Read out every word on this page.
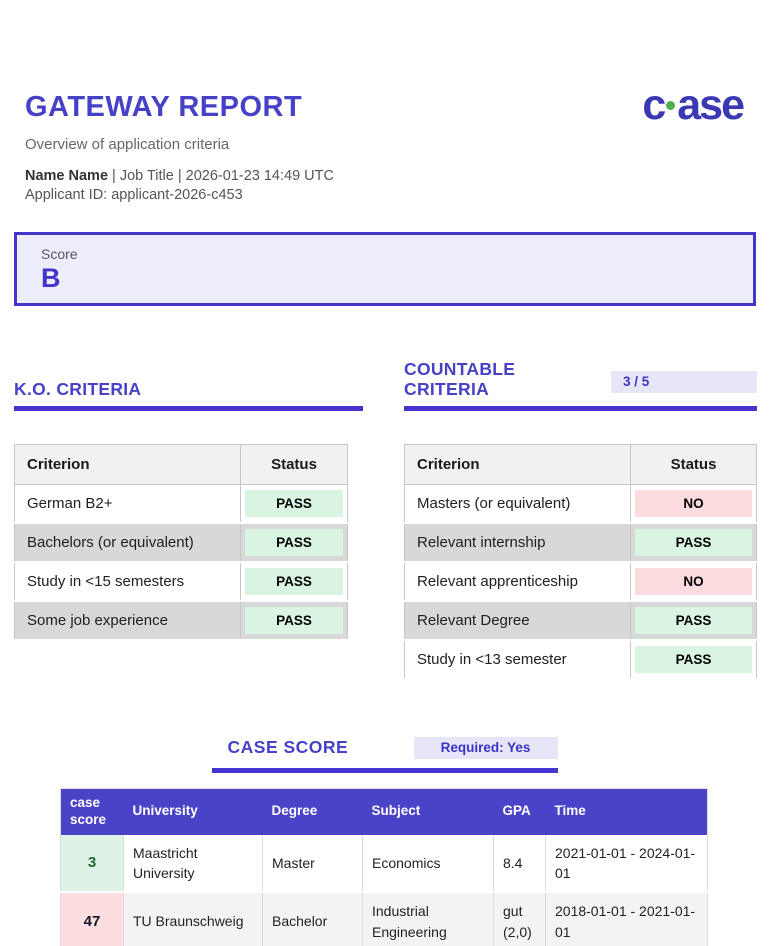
c ase
GATEWAY REPORT
Overview of application criteria
Name Name | Job Title | 2026-01-23 14:49 UTC
Applicant ID: applicant-2026-c453
Score
B
K.O. CRITERIA
Criterion	Status
German B2+	PASS

Bachelors (or equivalent)	PASS

Study in <15 semesters	PASS

Some job experience	PASS
COUNTABLE CRITERIA	3 / 5
Criterion	Status
Masters (or equivalent)	NO

Relevant internship	PASS

Relevant apprenticeship	NO

Relevant Degree	PASS

Study in <13 semester	PASS
CASE SCORE	Required: Yes
case score	University	Degree	Subject	GPA	Time
3	Maastricht University	Master	Economics	8.4	2021-01-01 - 2024-01-01
47	TU Braunschweig	Bachelor	Industrial Engineering	gut (2,0)	2018-01-01 - 2021-01-01
